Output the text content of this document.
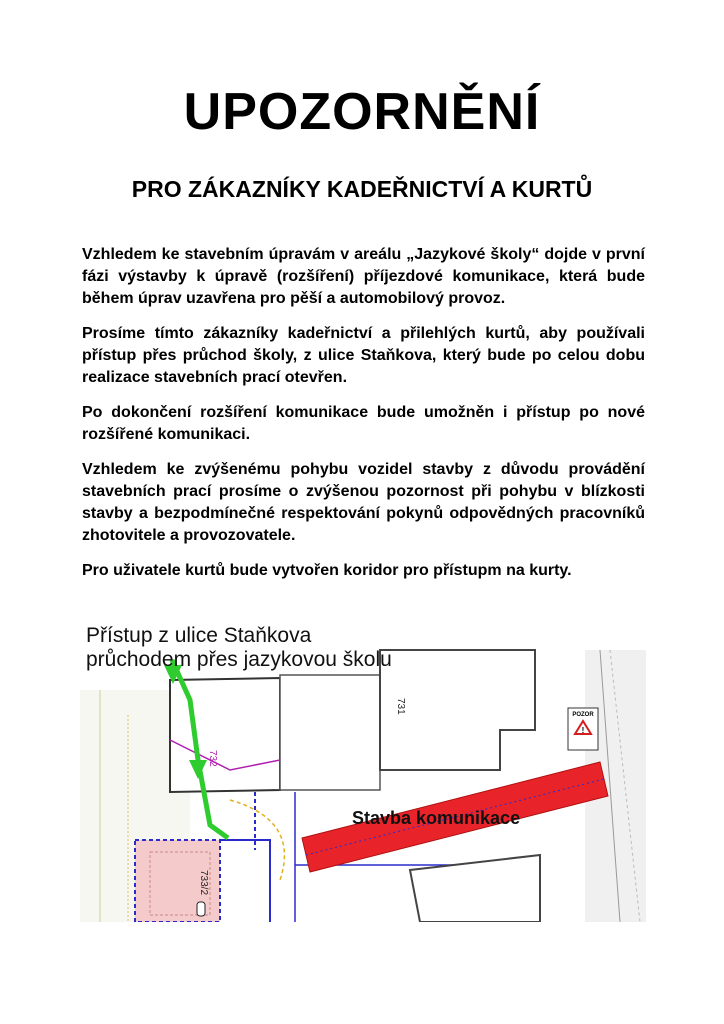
UPOZORNĚNÍ
PRO ZÁKAZNÍKY KADEŘNICTVÍ A KURTŮ

Vzhledem ke stavebním úpravám v areálu „Jazykové školy“ dojde v první fázi výstavby k úpravě (rozšíření) příjezdové komunikace, která bude během úprav uzavřena pro pěší a automobilový provoz.

Prosíme tímto zákazníky kadeřnictví a přilehlých kurtů, aby používali přístup přes průchod školy, z ulice Staňkova, který bude po celou dobu realizace stavebních prací otevřen.

Po dokončení rozšíření komunikace bude umožněn i přístup po nové rozšířené komunikaci.

Vzhledem ke zvýšenému pohybu vozidel stavby z důvodu provádění stavebních prací prosíme o zvýšenou pozornost při pohybu v blízkosti stavby a bezpodmínečné respektování pokynů odpovědných pracovníků zhotovitele a provozovatele.

Pro uživatele kurtů bude vytvořen koridor pro přístupm na kurty.

731
POZOR
!
733/2
732
Přístup z ulice Staňkova
průchodem přes jazykovou školu
Stavba komunikace
